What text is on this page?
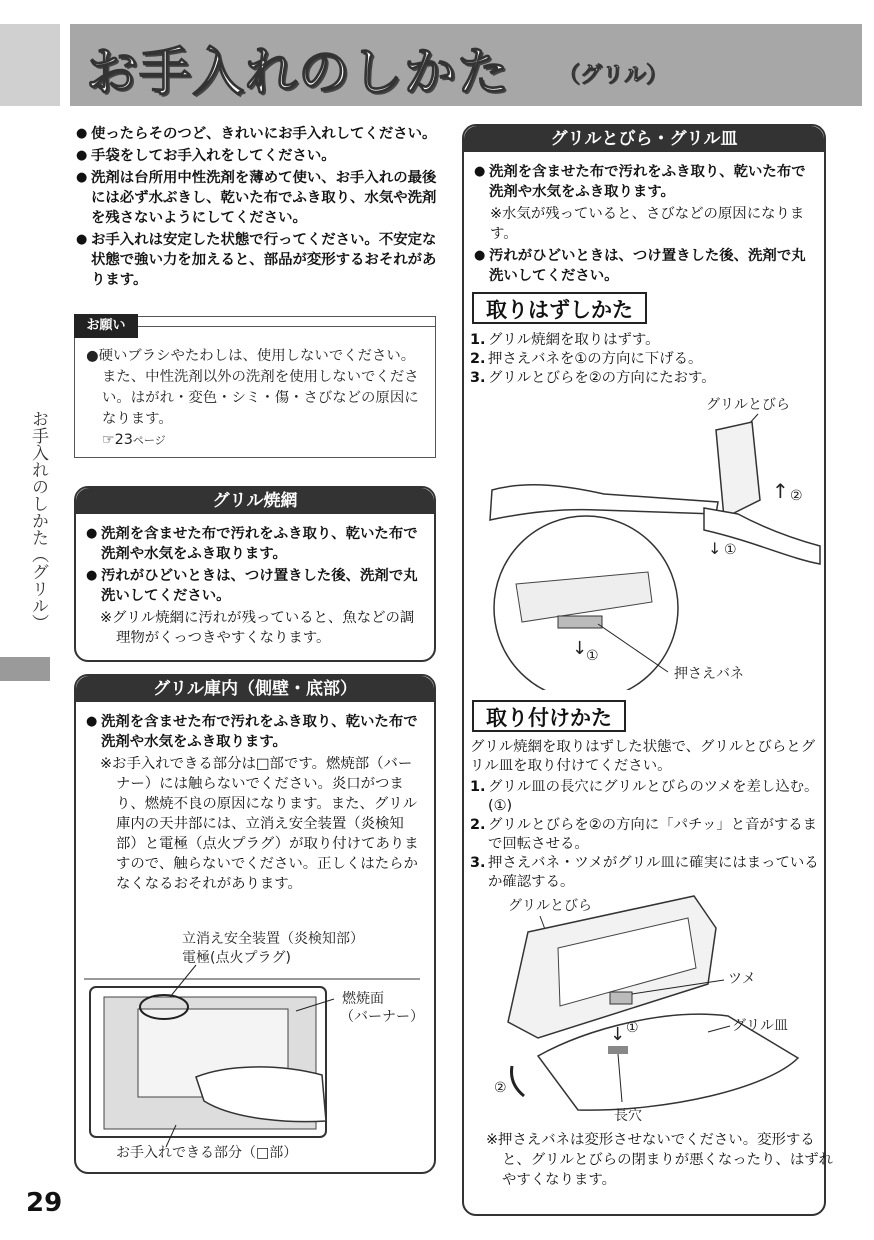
お手入れのしかた （グリル）
お手入れのしかた（グリル）
29
● 使ったらそのつど、きれいにお手入れしてください。
● 手袋をしてお手入れをしてください。
● 洗剤は台所用中性洗剤を薄めて使い、お手入れの最後には必ず水ぶきし、乾いた布でふき取り、水気や洗剤を残さないようにしてください。
● お手入れは安定した状態で行ってください。不安定な状態で強い力を加えると、部品が変形するおそれがあります。
お願い
●硬いブラシやたわしは、使用しないでください。また、中性洗剤以外の洗剤を使用しないでください。はがれ・変色・シミ・傷・さびなどの原因になります。
☞23ページ
グリル焼網
● 洗剤を含ませた布で汚れをふき取り、乾いた布で洗剤や水気をふき取ります。
● 汚れがひどいときは、つけ置きした後、洗剤で丸洗いしてください。

※グリル焼網に汚れが残っていると、魚などの調理物がくっつきやすくなります。

グリル庫内（側壁・底部）
● 洗剤を含ませた布で汚れをふき取り、乾いた布で洗剤や水気をふき取ります。

※お手入れできる部分は□部です。燃焼部（バーナー）には触らないでください。炎口がつまり、燃焼不良の原因になります。また、グリル庫内の天井部には、立消え安全装置（炎検知部）と電極（点火プラグ）が取り付けてありますので、触らないでください。正しくはたらかなくなるおそれがあります。

立消え安全装置（炎検知部）
電極(点火プラグ)
燃焼面
（バーナー）
お手入れできる部分（□部）
グリルとびら・グリル皿
● 洗剤を含ませた布で汚れをふき取り、乾いた布で洗剤や水気をふき取ります。

※水気が残っていると、さびなどの原因になります。

● 汚れがひどいときは、つけ置きした後、洗剤で丸洗いしてください。
取りはずしかた
1. グリル焼網を取りはずす。
2. 押さえバネを①の方向に下げる。
3. グリルとびらを②の方向にたおす。
グリルとびら
↑ ②
↓ ①
↓
①
押さえバネ
取り付けかた
グリル焼網を取りはずした状態で、グリルとびらとグリル皿を取り付けてください。
1. グリル皿の長穴にグリルとびらのツメを差し込む。(①)
2. グリルとびらを②の方向に「パチッ」と音がするまで回転させる。
3. 押さえバネ・ツメがグリル皿に確実にはまっているか確認する。
グリルとびら
ツメ
グリル皿
↓ ①
長穴
②
※押さえバネは変形させないでください。変形すると、グリルとびらの閉まりが悪くなったり、はずれやすくなります。
